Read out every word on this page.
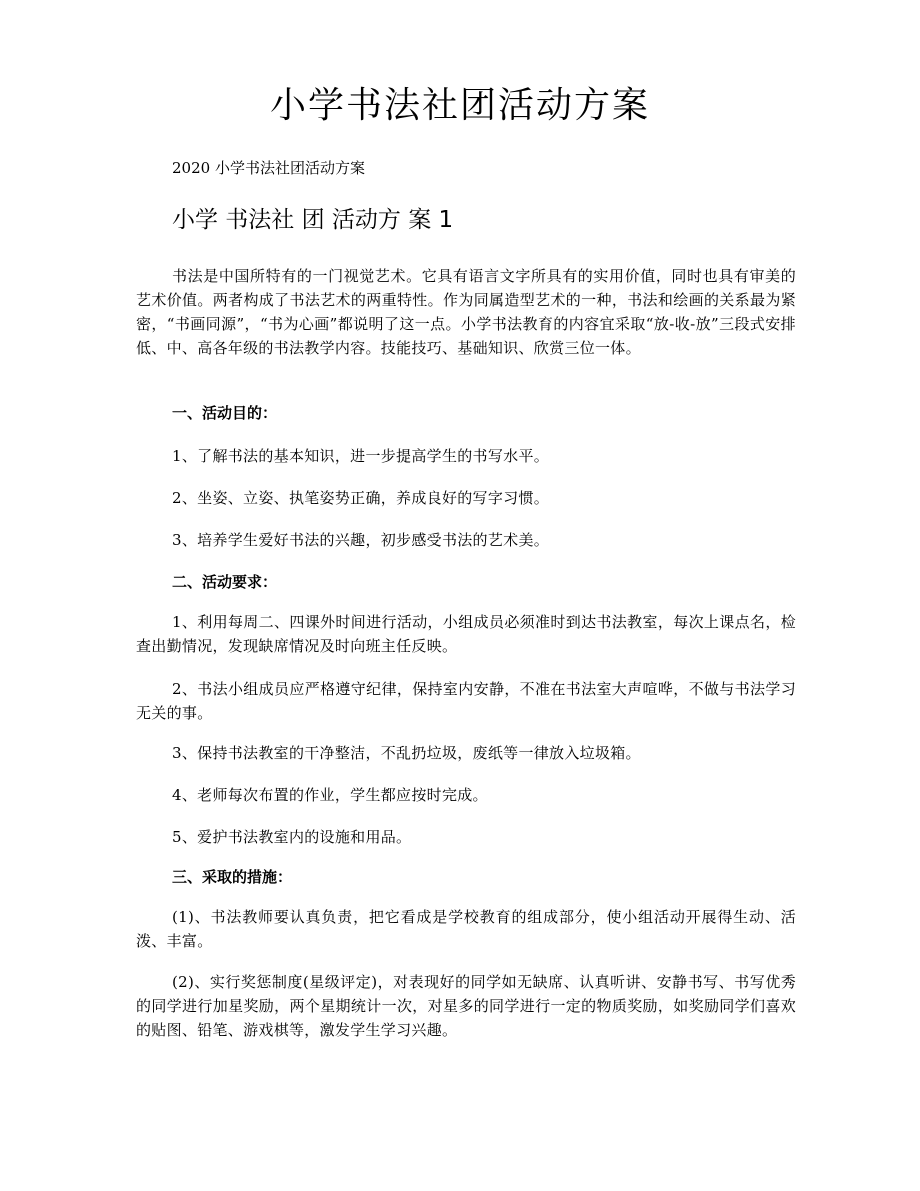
小学书法社团活动方案

2020 小学书法社团活动方案

小学 书法社 团 活动方 案 1

书法是中国所特有的一门视觉艺术。它具有语言文字所具有的实用价值，同时也具有审美的艺术价值。两者构成了书法艺术的两重特性。作为同属造型艺术的一种，书法和绘画的关系最为紧密，“书画同源”，“书为心画”都说明了这一点。小学书法教育的内容宜采取“放-收-放”三段式安排低、中、高各年级的书法教学内容。技能技巧、基础知识、欣赏三位一体。

一、活动目的：

1、了解书法的基本知识，进一步提高学生的书写水平。

2、坐姿、立姿、执笔姿势正确，养成良好的写字习惯。

3、培养学生爱好书法的兴趣，初步感受书法的艺术美。

二、活动要求：

1、利用每周二、四课外时间进行活动，小组成员必须准时到达书法教室，每次上课点名，检查出勤情况，发现缺席情况及时向班主任反映。

2、书法小组成员应严格遵守纪律，保持室内安静，不准在书法室大声喧哗，不做与书法学习无关的事。

3、保持书法教室的干净整洁，不乱扔垃圾，废纸等一律放入垃圾箱。

4、老师每次布置的作业，学生都应按时完成。

5、爱护书法教室内的设施和用品。

三、采取的措施：

(1)、书法教师要认真负责，把它看成是学校教育的组成部分，使小组活动开展得生动、活泼、丰富。

(2)、实行奖惩制度(星级评定)，对表现好的同学如无缺席、认真听讲、安静书写、书写优秀的同学进行加星奖励，两个星期统计一次，对星多的同学进行一定的物质奖励，如奖励同学们喜欢的贴图、铅笔、游戏棋等，激发学生学习兴趣。
